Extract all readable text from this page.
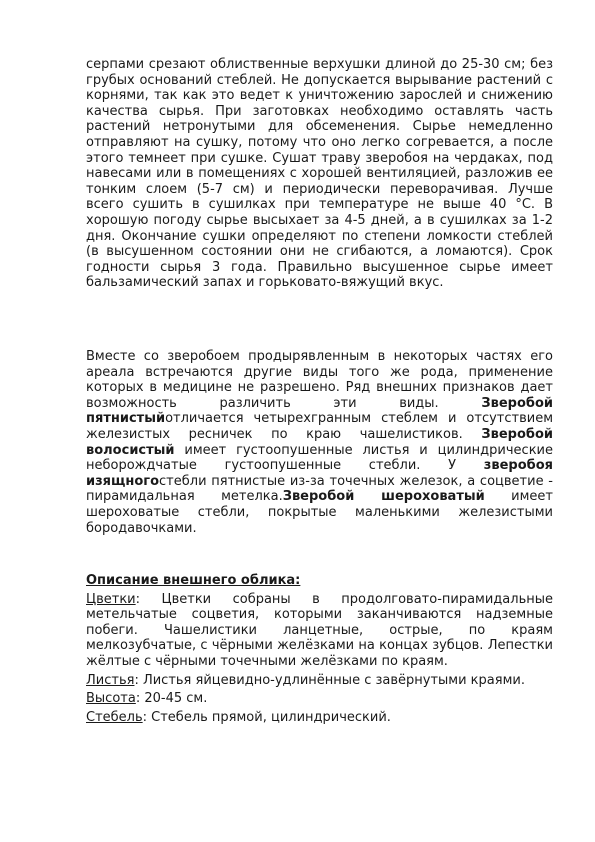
серпами срезают облиственные верхушки длиной до 25-30 см; без грубых оснований стеблей. Не допускается вырывание растений с корнями, так как это ведет к уничтожению зарослей и снижению качества сырья. При заготовках необходимо оставлять часть растений нетронутыми для обсеменения. Сырье немедленно отправляют на сушку, потому что оно легко согревается, а после этого темнеет при сушке. Сушат траву зверобоя на чердаках, под навесами или в помещениях с хорошей вентиляцией, разложив ее тонким слоем (5-7 см) и периодически переворачивая. Лучше всего сушить в сушилках при температуре не выше 40 °С. В хорошую погоду сырье высыхает за 4-5 дней, а в сушилках за 1-2 дня. Окончание сушки определяют по степени ломкости стеблей (в высушенном состоянии они не сгибаются, а ломаются). Срок годности сырья 3 года. Правильно высушенное сырье имеет бальзамический запах и горьковато-вяжущий вкус.

Вместе со зверобоем продырявленным в некоторых частях его ареала встречаются другие виды того же рода, применение которых в медицине не разрешено. Ряд внешних признаков дает возможность различить эти виды. Зверобой пятнистыйотличается четырехгранным стеблем и отсутствием железистых ресничек по краю чашелистиков. Зверобой волосистый имеет густоопушенные листья и цилиндрические неборождчатые густоопушенные стебли. У зверобоя изящногостебли пятнистые из-за точечных железок, а соцветие - пирамидальная метелка.Зверобой шероховатый имеет шероховатые стебли, покрытые маленькими железистыми бородавочками.

Описание внешнего облика:

Цветки: Цветки собраны в продолговато-пирамидальные метельчатые соцветия, которыми заканчиваются надземные побеги. Чашелистики ланцетные, острые, по краям мелкозубчатые, с чёрными желёзками на концах зубцов. Лепестки жёлтые с чёрными точечными желёзками по краям.

Листья: Листья яйцевидно-удлинённые с завёрнутыми краями.

Высота: 20-45 см.

Стебель: Стебель прямой, цилиндрический.
